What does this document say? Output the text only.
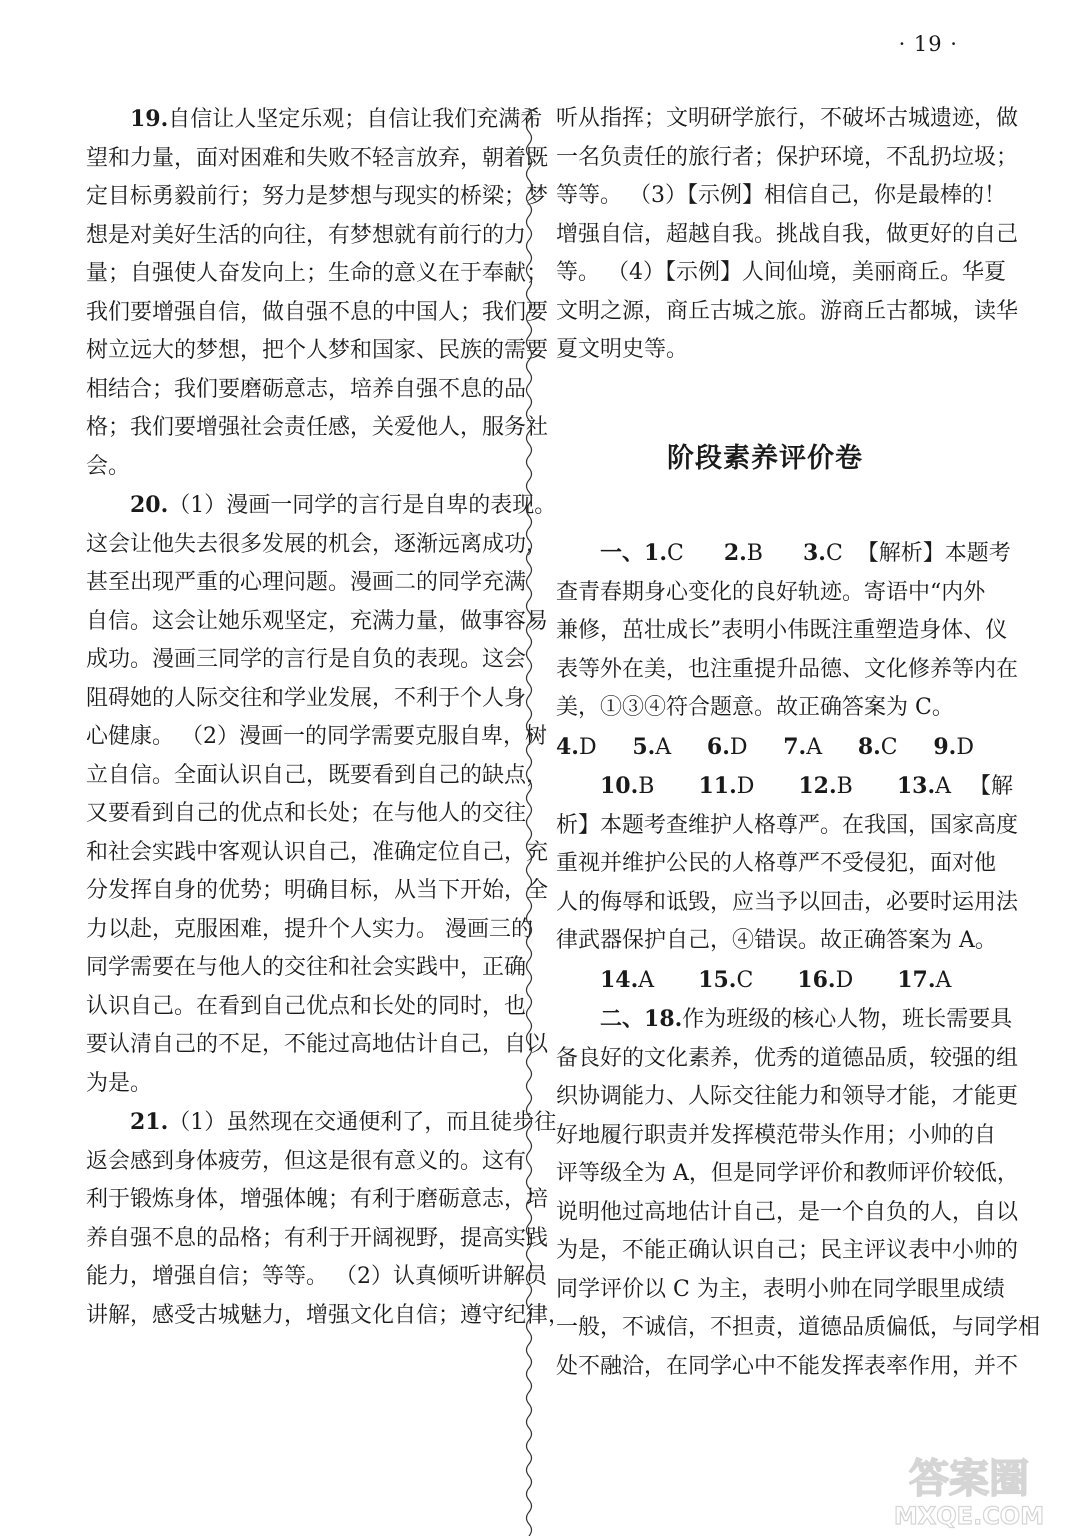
· 19 ·
19.自信让人坚定乐观；自信让我们充满希
望和力量，面对困难和失败不轻言放弃，朝着既
定目标勇毅前行；努力是梦想与现实的桥梁；梦
想是对美好生活的向往，有梦想就有前行的力
量；自强使人奋发向上；生命的意义在于奉献；
我们要增强自信，做自强不息的中国人；我们要
树立远大的梦想，把个人梦和国家、民族的需要
相结合；我们要磨砺意志，培养自强不息的品
格；我们要增强社会责任感，关爱他人，服务社
会。
20.（1）漫画一同学的言行是自卑的表现。
这会让他失去很多发展的机会，逐渐远离成功，
甚至出现严重的心理问题。漫画二的同学充满
自信。这会让她乐观坚定，充满力量，做事容易
成功。漫画三同学的言行是自负的表现。这会
阻碍她的人际交往和学业发展，不利于个人身
心健康。 （2）漫画一的同学需要克服自卑，树
立自信。全面认识自己，既要看到自己的缺点，
又要看到自己的优点和长处；在与他人的交往
和社会实践中客观认识自己，准确定位自己，充
分发挥自身的优势；明确目标，从当下开始，全
力以赴，克服困难，提升个人实力。 漫画三的
同学需要在与他人的交往和社会实践中，正确
认识自己。在看到自己优点和长处的同时，也
要认清自己的不足，不能过高地估计自己，自以
为是。
21.（1）虽然现在交通便利了，而且徒步往
返会感到身体疲劳，但这是很有意义的。这有
利于锻炼身体，增强体魄；有利于磨砺意志，培
养自强不息的品格；有利于开阔视野，提高实践
能力，增强自信；等等。 （2）认真倾听讲解员
讲解，感受古城魅力，增强文化自信；遵守纪律，
听从指挥；文明研学旅行，不破坏古城遗迹，做
一名负责任的旅行者；保护环境，不乱扔垃圾；
等等。 （3）【示例】相信自己，你是最棒的！
增强自信，超越自我。挑战自我，做更好的自己
等。 （4）【示例】人间仙境，美丽商丘。华夏
文明之源，商丘古城之旅。游商丘古都城，读华
夏文明史等。
阶段素养评价卷
一、1.C 2.B 3.C 【解析】本题考
查青春期身心变化的良好轨迹。寄语中“内外
兼修，茁壮成长”表明小伟既注重塑造身体、仪
表等外在美，也注重提升品德、文化修养等内在
美，①③④符合题意。故正确答案为 C。
4.D 5.A 6.D 7.A 8.C 9.D
10.B 11.D 12.B 13.A 【解
析】本题考查维护人格尊严。在我国，国家高度
重视并维护公民的人格尊严不受侵犯，面对他
人的侮辱和诋毁，应当予以回击，必要时运用法
律武器保护自己，④错误。故正确答案为 A。
14.A 15.C 16.D 17.A
二、18.作为班级的核心人物，班长需要具
备良好的文化素养，优秀的道德品质，较强的组
织协调能力、人际交往能力和领导才能，才能更
好地履行职责并发挥模范带头作用；小帅的自
评等级全为 A，但是同学评价和教师评价较低，
说明他过高地估计自己，是一个自负的人，自以
为是，不能正确认识自己；民主评议表中小帅的
同学评价以 C 为主，表明小帅在同学眼里成绩
一般，不诚信，不担责，道德品质偏低，与同学相
处不融洽，在同学心中不能发挥表率作用，并不
答案圈
MXQE.COM
